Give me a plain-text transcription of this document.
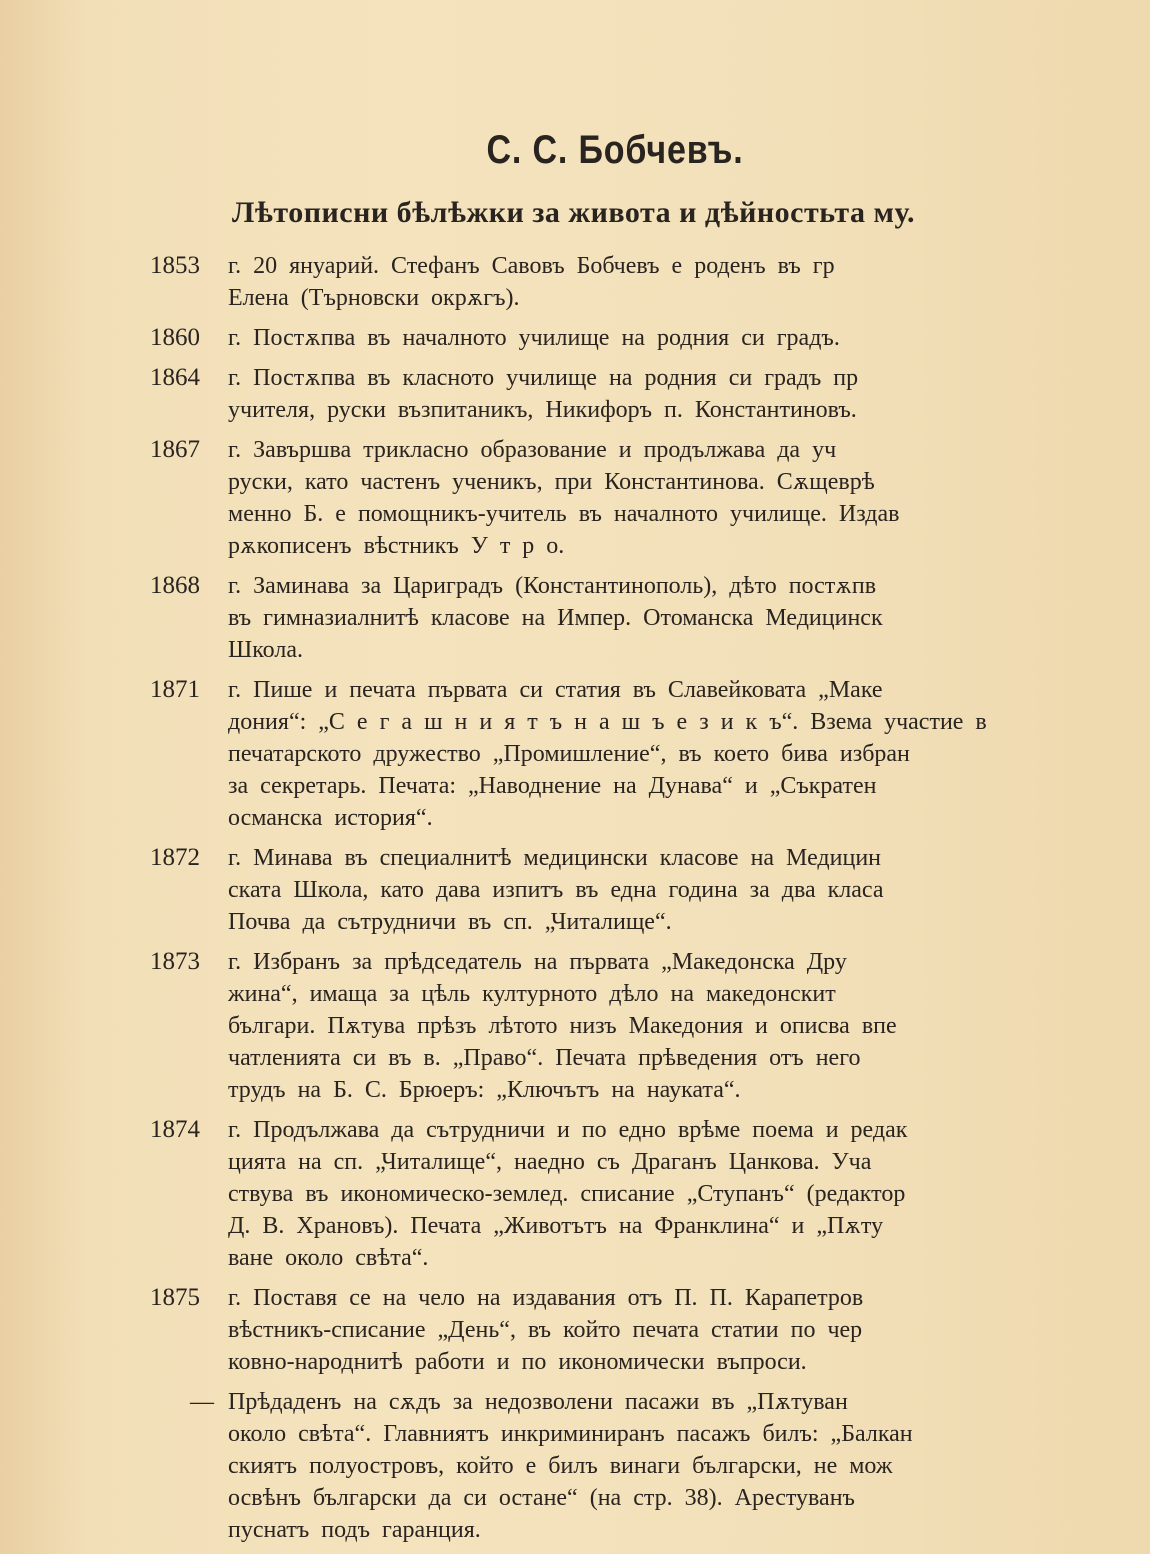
С. С. Бобчевъ.
Лѣтописни бѣлѣжки за живота и дѣйностьта му.
1853	г. 20 януарий. Стефанъ Савовъ Бобчевъ е роденъ въ гр
Елена (Търновски окрѫгъ).
1860	г. Постѫпва въ началното училище на родния си градъ.
1864	г. Постѫпва въ класното училище на родния си градъ пр
учителя, руски възпитаникъ, Никифоръ п. Константиновъ.
1867	г. Завършва трикласно образование и продължава да уч
руски, като частенъ ученикъ, при Константинова. Сѫщеврѣ
менно Б. е помощникъ-учитель въ началното училище. Издав
рѫкописенъ вѣстникъ У т р о.
1868	г. Заминава за Цариградъ (Константинополь), дѣто постѫпв
въ гимназиалнитѣ класове на Импер. Отоманска Медицинск
Школа.
1871	г. Пише и печата първата си статия въ Славейковата „Маке
дония“: „С е г а ш н и я т ъ н а ш ъ е з и к ъ“. Взема участие в
печатарското дружество „Промишление“, въ което бива избран
за секретарь. Печата: „Наводнение на Дунава“ и „Съкратен
османска история“.
1872	г. Минава въ специалнитѣ медицински класове на Медицин
ската Школа, като дава изпитъ въ една година за два класа
Почва да сътрудничи въ сп. „Читалище“.
1873	г. Избранъ за прѣдседатель на първата „Македонска Дру
жина“, имаща за цѣль културното дѣло на македонскит
българи. Пѫтува прѣзъ лѣтото низъ Македония и описва впе
чатленията си въ в. „Право“. Печата прѣведения отъ него
трудъ на Б. С. Брюеръ: „Ключътъ на науката“.
1874	г. Продължава да сътрудничи и по едно врѣме поема и редак
цията на сп. „Читалище“, наедно съ Драганъ Цанкова. Уча
ствува въ икономическо-землед. списание „Ступанъ“ (редактор
Д. В. Храновъ). Печата „Животътъ на Франклина“ и „Пѫту
ване около свѣта“.
1875	г. Поставя се на чело на издавания отъ П. П. Карапетров
вѣстникъ-списание „День“, въ който печата статии по чер
ковно-народнитѣ работи и по икономически въпроси.
— Прѣдаденъ на сѫдъ за недозволени пасажи въ „Пѫтуван
около свѣта“. Главниятъ инкриминиранъ пасажъ билъ: „Балкан
скиятъ полуостровъ, който е билъ винаги български, не мож
освѣнъ български да си остане“ (на стр. 38). Арестуванъ
пуснатъ подъ гаранция.
